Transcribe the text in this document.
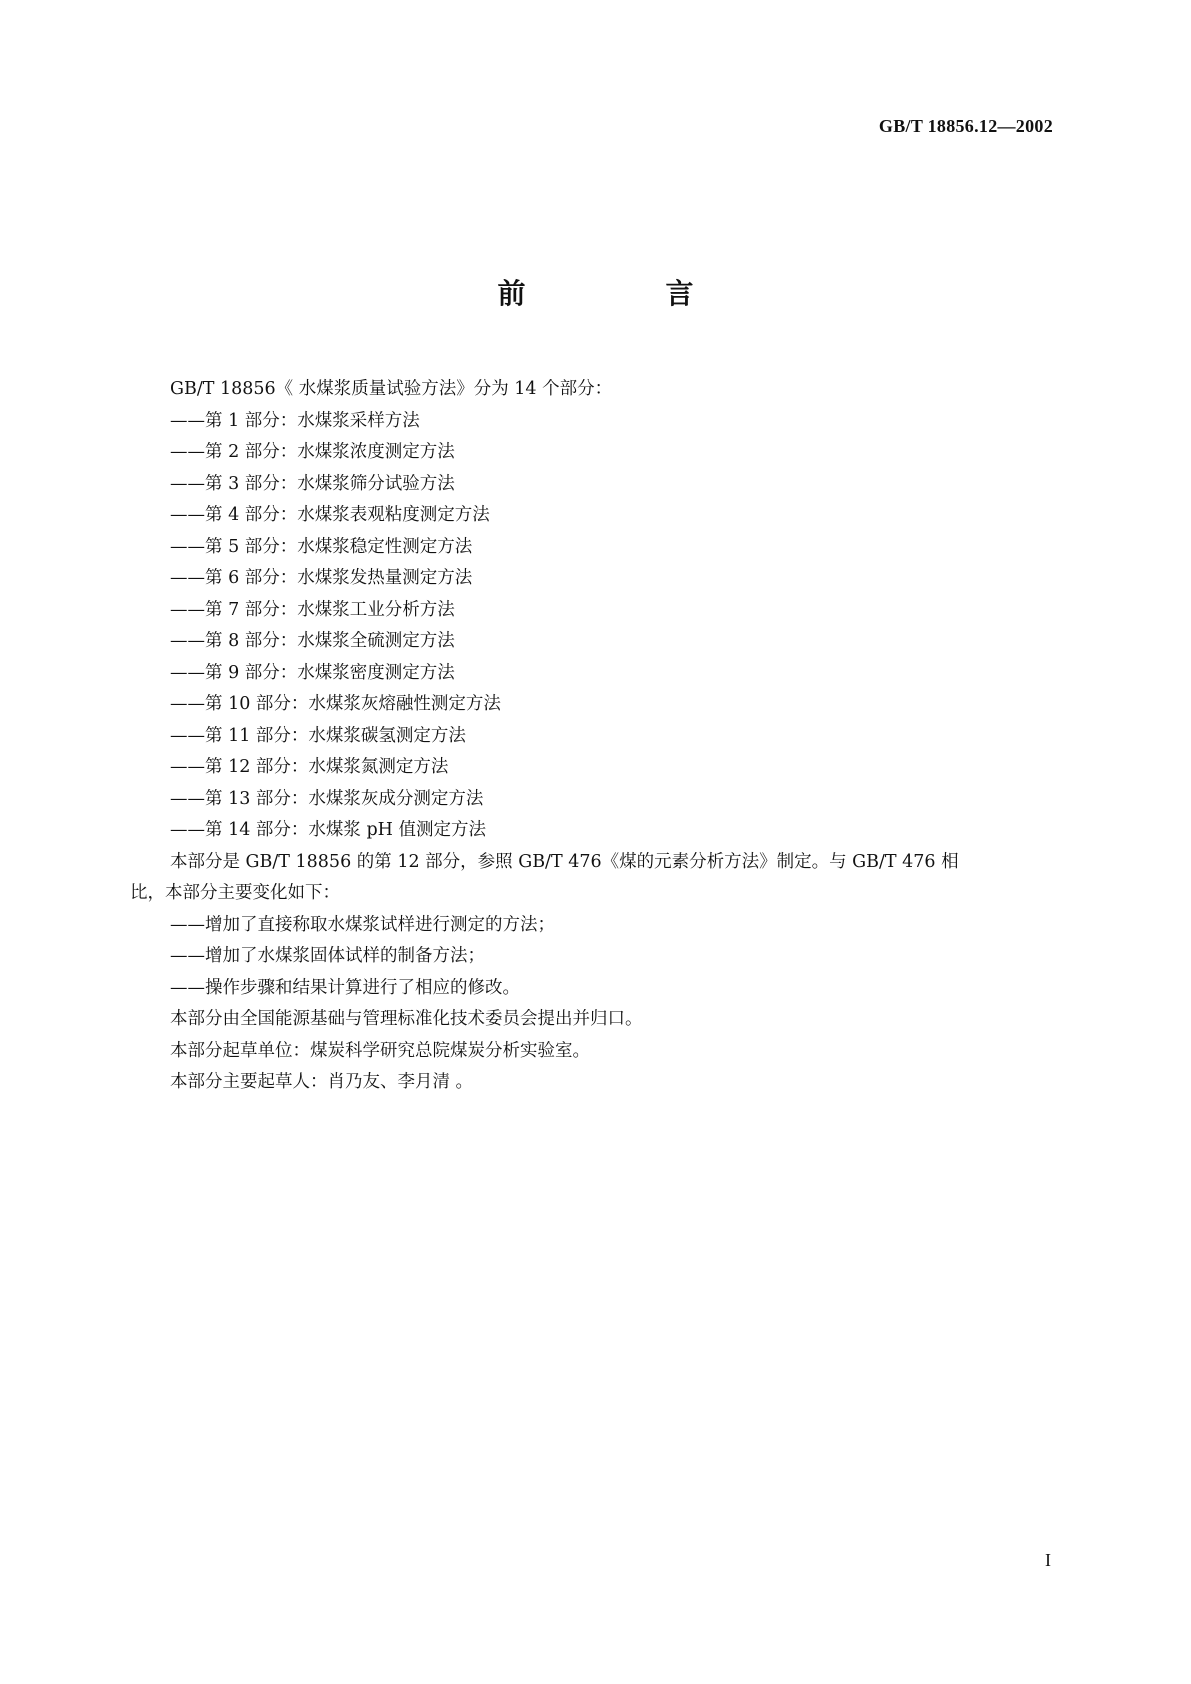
GB/T 18856.12—2002
前　言

GB/T 18856《 水煤浆质量试验方法》分为 14 个部分：

——第 1 部分：水煤浆采样方法

——第 2 部分：水煤浆浓度测定方法

——第 3 部分：水煤浆筛分试验方法

——第 4 部分：水煤浆表观粘度测定方法

——第 5 部分：水煤浆稳定性测定方法

——第 6 部分：水煤浆发热量测定方法

——第 7 部分：水煤浆工业分析方法

——第 8 部分：水煤浆全硫测定方法

——第 9 部分：水煤浆密度测定方法

——第 10 部分：水煤浆灰熔融性测定方法

——第 11 部分：水煤浆碳氢测定方法

——第 12 部分：水煤浆氮测定方法

——第 13 部分：水煤浆灰成分测定方法

——第 14 部分：水煤浆 pH 值测定方法

本部分是 GB/T 18856 的第 12 部分，参照 GB/T 476《煤的元素分析方法》制定。与 GB/T 476 相

比，本部分主要变化如下：

——增加了直接称取水煤浆试样进行测定的方法；

——增加了水煤浆固体试样的制备方法；

——操作步骤和结果计算进行了相应的修改。

本部分由全国能源基础与管理标准化技术委员会提出并归口。

本部分起草单位：煤炭科学研究总院煤炭分析实验室。

本部分主要起草人：肖乃友、李月清 。

I
